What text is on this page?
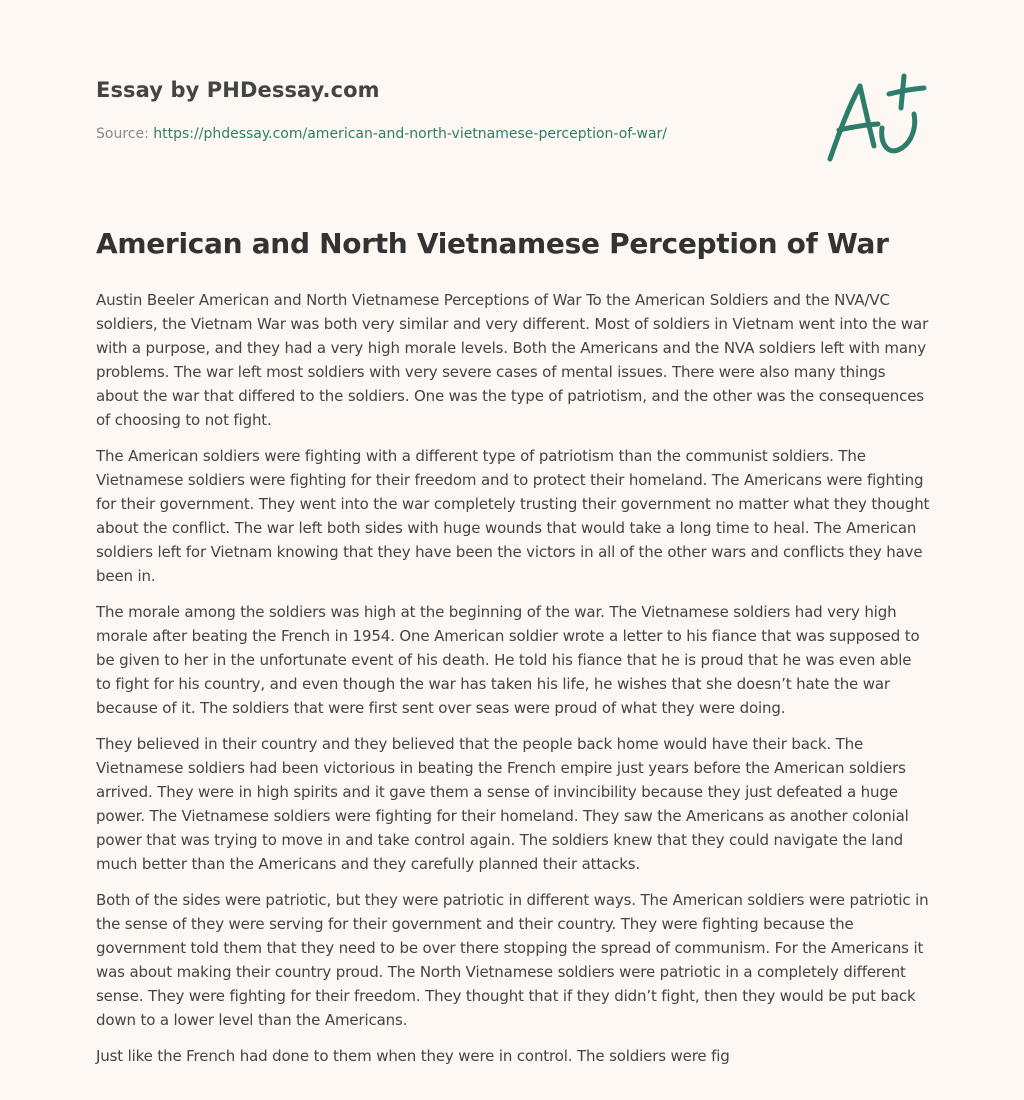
Essay by PHDessay.com
Source: https://phdessay.com/american-and-north-vietnamese-perception-of-war/
American and North Vietnamese Perception of War

Austin Beeler American and North Vietnamese Perceptions of War To the American Soldiers and the NVA/VC soldiers, the Vietnam War was both very similar and very different. Most of soldiers in Vietnam went into the war with a purpose, and they had a very high morale levels. Both the Americans and the NVA soldiers left with many problems. The war left most soldiers with very severe cases of mental issues. There were also many things about the war that differed to the soldiers. One was the type of patriotism, and the other was the consequences of choosing to not fight.

The American soldiers were fighting with a different type of patriotism than the communist soldiers. The Vietnamese soldiers were fighting for their freedom and to protect their homeland. The Americans were fighting for their government. They went into the war completely trusting their government no matter what they thought about the conflict. The war left both sides with huge wounds that would take a long time to heal. The American soldiers left for Vietnam knowing that they have been the victors in all of the other wars and conflicts they have been in.

The morale among the soldiers was high at the beginning of the war. The Vietnamese soldiers had very high morale after beating the French in 1954. One American soldier wrote a letter to his fiance that was supposed to be given to her in the unfortunate event of his death. He told his fiance that he is proud that he was even able to fight for his country, and even though the war has taken his life, he wishes that she doesn’t hate the war because of it. The soldiers that were first sent over seas were proud of what they were doing.

They believed in their country and they believed that the people back home would have their back. The Vietnamese soldiers had been victorious in beating the French empire just years before the American soldiers arrived. They were in high spirits and it gave them a sense of invincibility because they just defeated a huge power. The Vietnamese soldiers were fighting for their homeland. They saw the Americans as another colonial power that was trying to move in and take control again. The soldiers knew that they could navigate the land much better than the Americans and they carefully planned their attacks.

Both of the sides were patriotic, but they were patriotic in different ways. The American soldiers were patriotic in the sense of they were serving for their government and their country. They were fighting because the government told them that they need to be over there stopping the spread of communism. For the Americans it was about making their country proud. The North Vietnamese soldiers were patriotic in a completely different sense. They were fighting for their freedom. They thought that if they didn’t fight, then they would be put back down to a lower level than the Americans.

Just like the French had done to them when they were in control. The soldiers were fig
